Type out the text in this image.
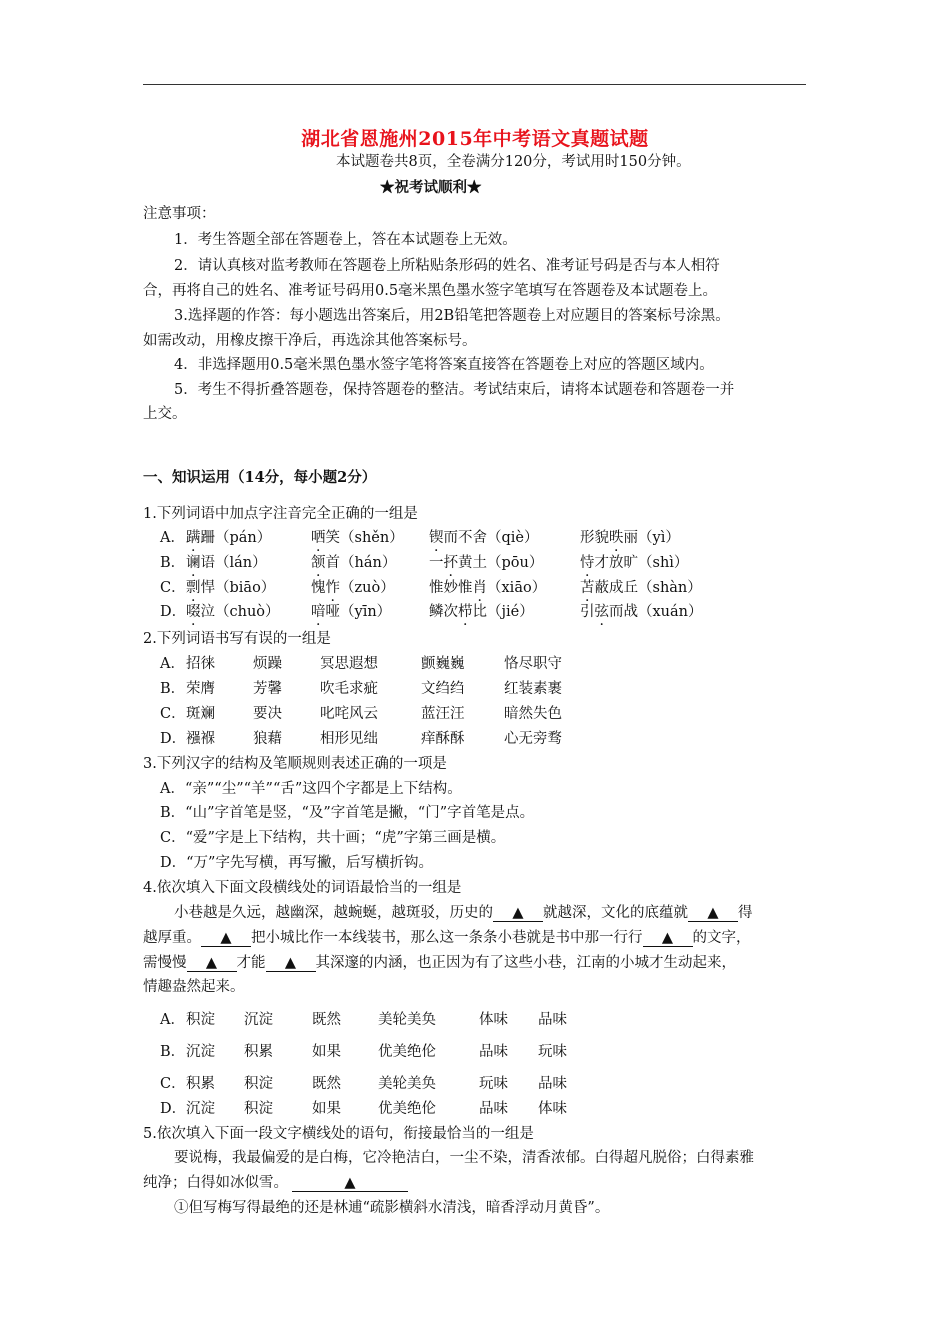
湖北省恩施州2015年中考语文真题试题
本试题卷共8页，全卷满分120分，考试用时150分钟。
★祝考试顺利★
注意事项：
1．考生答题全部在答题卷上，答在本试题卷上无效。
2．请认真核对监考教师在答题卷上所粘贴条形码的姓名、准考证号码是否与本人相符
合，再将自己的姓名、准考证号码用0.5毫米黑色墨水签字笔填写在答题卷及本试题卷上。
3.选择题的作答：每小题选出答案后，用2B铅笔把答题卷上对应题目的答案标号涂黑。
如需改动，用橡皮擦干净后，再选涂其他答案标号。
4．非选择题用0.5毫米黑色墨水签字笔将答案直接答在答题卷上对应的答题区域内。
5．考生不得折叠答题卷，保持答题卷的整洁。考试结束后，请将本试题卷和答题卷一并
上交。
一、知识运用（14分，每小题2分）
1.下列词语中加点字注音完全正确的一组是
A． 蹒跚（pán）	哂笑（shěn） 锲而不舍（qiè）	形貌昳丽（yì）
B． 谰语（lán）	颔首（hán） 一抔黄土（pōu）	恃才放旷（shì）
C． 剽悍（biāo） 愧怍（zuò） 惟妙惟肖（xiāo） 苫蔽成丘（shàn）
D． 啜泣（chuò） 喑哑（yīn）	鳞次栉比（jié）	引弦而战（xuán）
2.下列词语书写有误的一组是
A． 招徕	烦躁	冥思遐想	颤巍巍	恪尽职守
B． 荣膺	芳馨	吹毛求疵	文绉绉	红装素裹
C． 斑斓	要决	叱咤风云	蓝汪汪	暗然失色
D． 襁褓	狼藉	相形见绌	痒酥酥	心无旁骛
3.下列汉字的结构及笔顺规则表述正确的一项是
A．“亲”“尘”“羊”“舌”这四个字都是上下结构。
B．“山”字首笔是竖，“及”字首笔是撇，“门”字首笔是点。
C．“爱”字是上下结构，共十画；“虎”字第三画是横。
D．“万”字先写横，再写撇，后写横折钩。
4.依次填入下面文段横线处的词语最恰当的一组是
小巷越是久远，越幽深，越蜿蜒，越斑驳，历史的 ▲ 就越深，文化的底蕴就 ▲ 得
越厚重。 ▲ 把小城比作一本线装书，那么这一条条小巷就是书中那一行行 ▲ 的文字，
需慢慢 ▲ 才能 ▲ 其深邃的内涵，也正因为有了这些小巷，江南的小城才生动起来，
情趣盎然起来。
A． 积淀 沉淀	既然	美轮美奂	体味 品味
B． 沉淀 积累	如果	优美绝伦	品味 玩味
C． 积累 积淀	既然	美轮美奂	玩味 品味
D． 沉淀 积淀	如果	优美绝伦	品味 体味
5.依次填入下面一段文字横线处的语句，衔接最恰当的一组是
要说梅，我最偏爱的是白梅，它冷艳洁白，一尘不染，清香浓郁。白得超凡脱俗；白得素雅
纯净；白得如冰似雪。	▲
①但写梅写得最绝的还是林逋“疏影横斜水清浅，暗香浮动月黄昏”。
